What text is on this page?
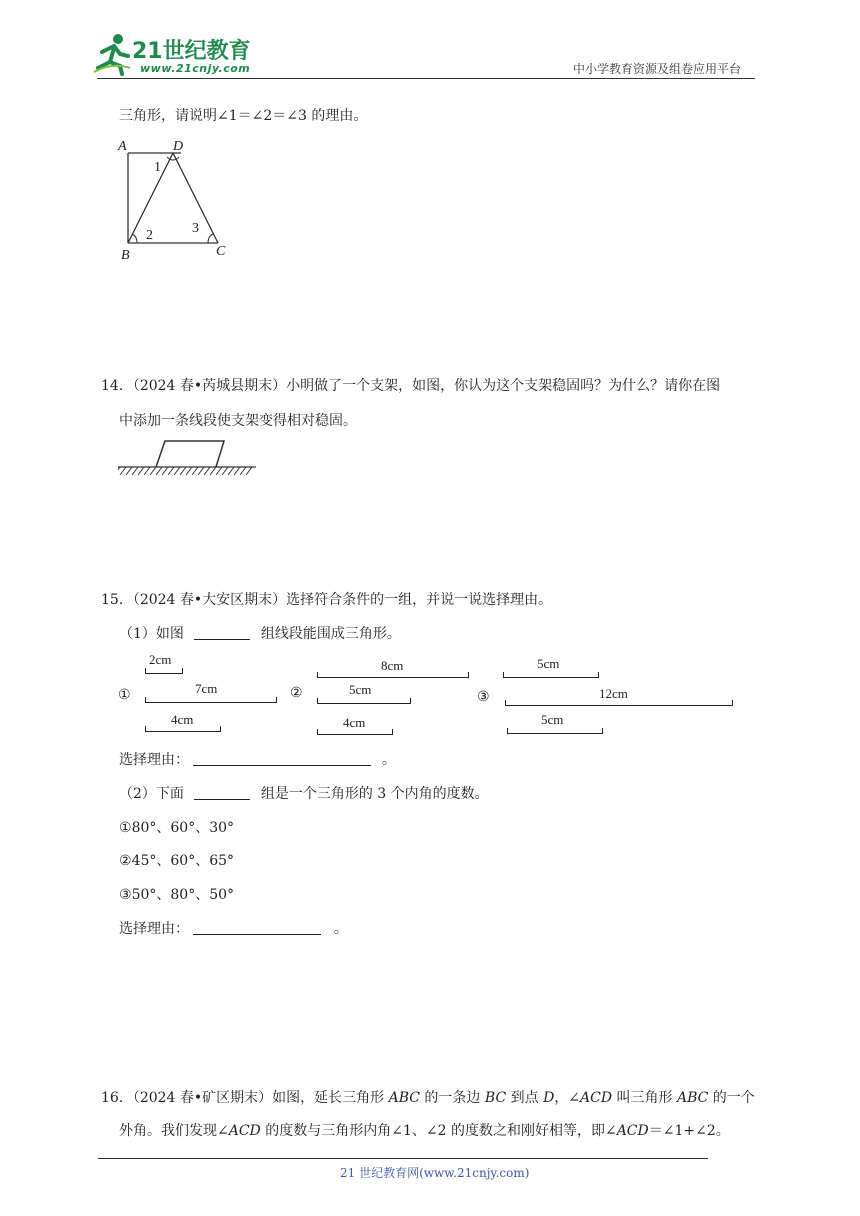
21世纪教育
www.21cnjy.com	中小学教育资源及组卷应用平台
三角形，请说明∠1＝∠2＝∠3 的理由。
A	D
B	C
1
2	3
14．（2024 春•芮城县期末）小明做了一个支架，如图，你认为这个支架稳固吗？为什么？请你在图
中添加一条线段使支架变得相对稳固。
15．（2024 春•大安区期末）选择符合条件的一组，并说一说选择理由。
（1）如图	组线段能围成三角形。
①
2cm
7cm
4cm
②
8cm
5cm
4cm
③
5cm
12cm
5cm
选择理由：	。
（2）下面	组是一个三角形的 3 个内角的度数。
①80°、60°、30°
②45°、60°、65°
③50°、80°、50°
选择理由：	。
16．（2024 春•矿区期末）如图，延长三角形 ABC 的一条边 BC 到点 D，∠ACD 叫三角形 ABC 的一个
外角。我们发现∠ACD 的度数与三角形内角∠1、∠2 的度数之和刚好相等，即∠ACD＝∠1+∠2。
21 世纪教育网(www.21cnjy.com)
